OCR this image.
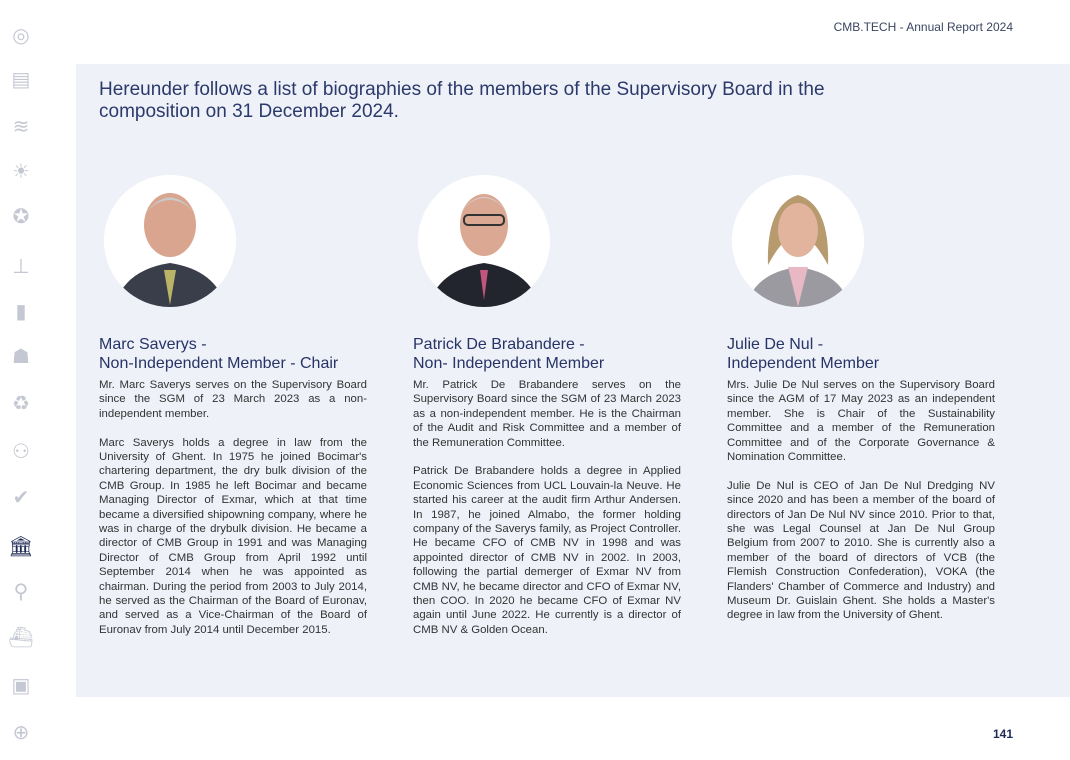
CMB.TECH - Annual Report 2024
◎
▤
≋
☀
✪
⊥
▮
☗
♻
⚇
✔
🏛
⚲
⛴
▣
⊕
Hereunder follows a list of biographies of the members of the Supervisory Board in the composition on 31 December 2024.
Marc Saverys -
Non-Independent Member - Chair

Mr. Marc Saverys serves on the Supervisory Board since the SGM of 23 March 2023 as a non-independent member.

Marc Saverys holds a degree in law from the University of Ghent. In 1975 he joined Bocimar's chartering department, the dry bulk division of the CMB Group. In 1985 he left Bocimar and became Managing Director of Exmar, which at that time became a diversified shipowning company, where he was in charge of the drybulk division. He became a director of CMB Group in 1991 and was Managing Director of CMB Group from April 1992 until September 2014 when he was appointed as chairman. During the period from 2003 to July 2014, he served as the Chairman of the Board of Euronav, and served as a Vice-Chairman of the Board of Euronav from July 2014 until December 2015.

Patrick De Brabandere -
Non- Independent Member

Mr. Patrick De Brabandere serves on the Supervisory Board since the SGM of 23 March 2023 as a non-independent member. He is the Chairman of the Audit and Risk Committee and a member of the Remuneration Committee.

Patrick De Brabandere holds a degree in Applied Economic Sciences from UCL Louvain-la Neuve. He started his career at the audit firm Arthur Andersen. In 1987, he joined Almabo, the former holding company of the Saverys family, as Project Controller. He became CFO of CMB NV in 1998 and was appointed director of CMB NV in 2002. In 2003, following the partial demerger of Exmar NV from CMB NV, he became director and CFO of Exmar NV, then COO. In 2020 he became CFO of Exmar NV again until June 2022. He currently is a director of CMB NV & Golden Ocean.

Julie De Nul -
Independent Member

Mrs. Julie De Nul serves on the Supervisory Board since the AGM of 17 May 2023 as an independent member. She is Chair of the Sustainability Committee and a member of the Remuneration Committee and of the Corporate Governance & Nomination Committee.

Julie De Nul is CEO of Jan De Nul Dredging NV since 2020 and has been a member of the board of directors of Jan De Nul NV since 2010. Prior to that, she was Legal Counsel at Jan De Nul Group Belgium from 2007 to 2010. She is currently also a member of the board of directors of VCB (the Flemish Construction Confederation), VOKA (the Flanders' Chamber of Commerce and Industry) and Museum Dr. Guislain Ghent. She holds a Master's degree in law from the University of Ghent.

141
